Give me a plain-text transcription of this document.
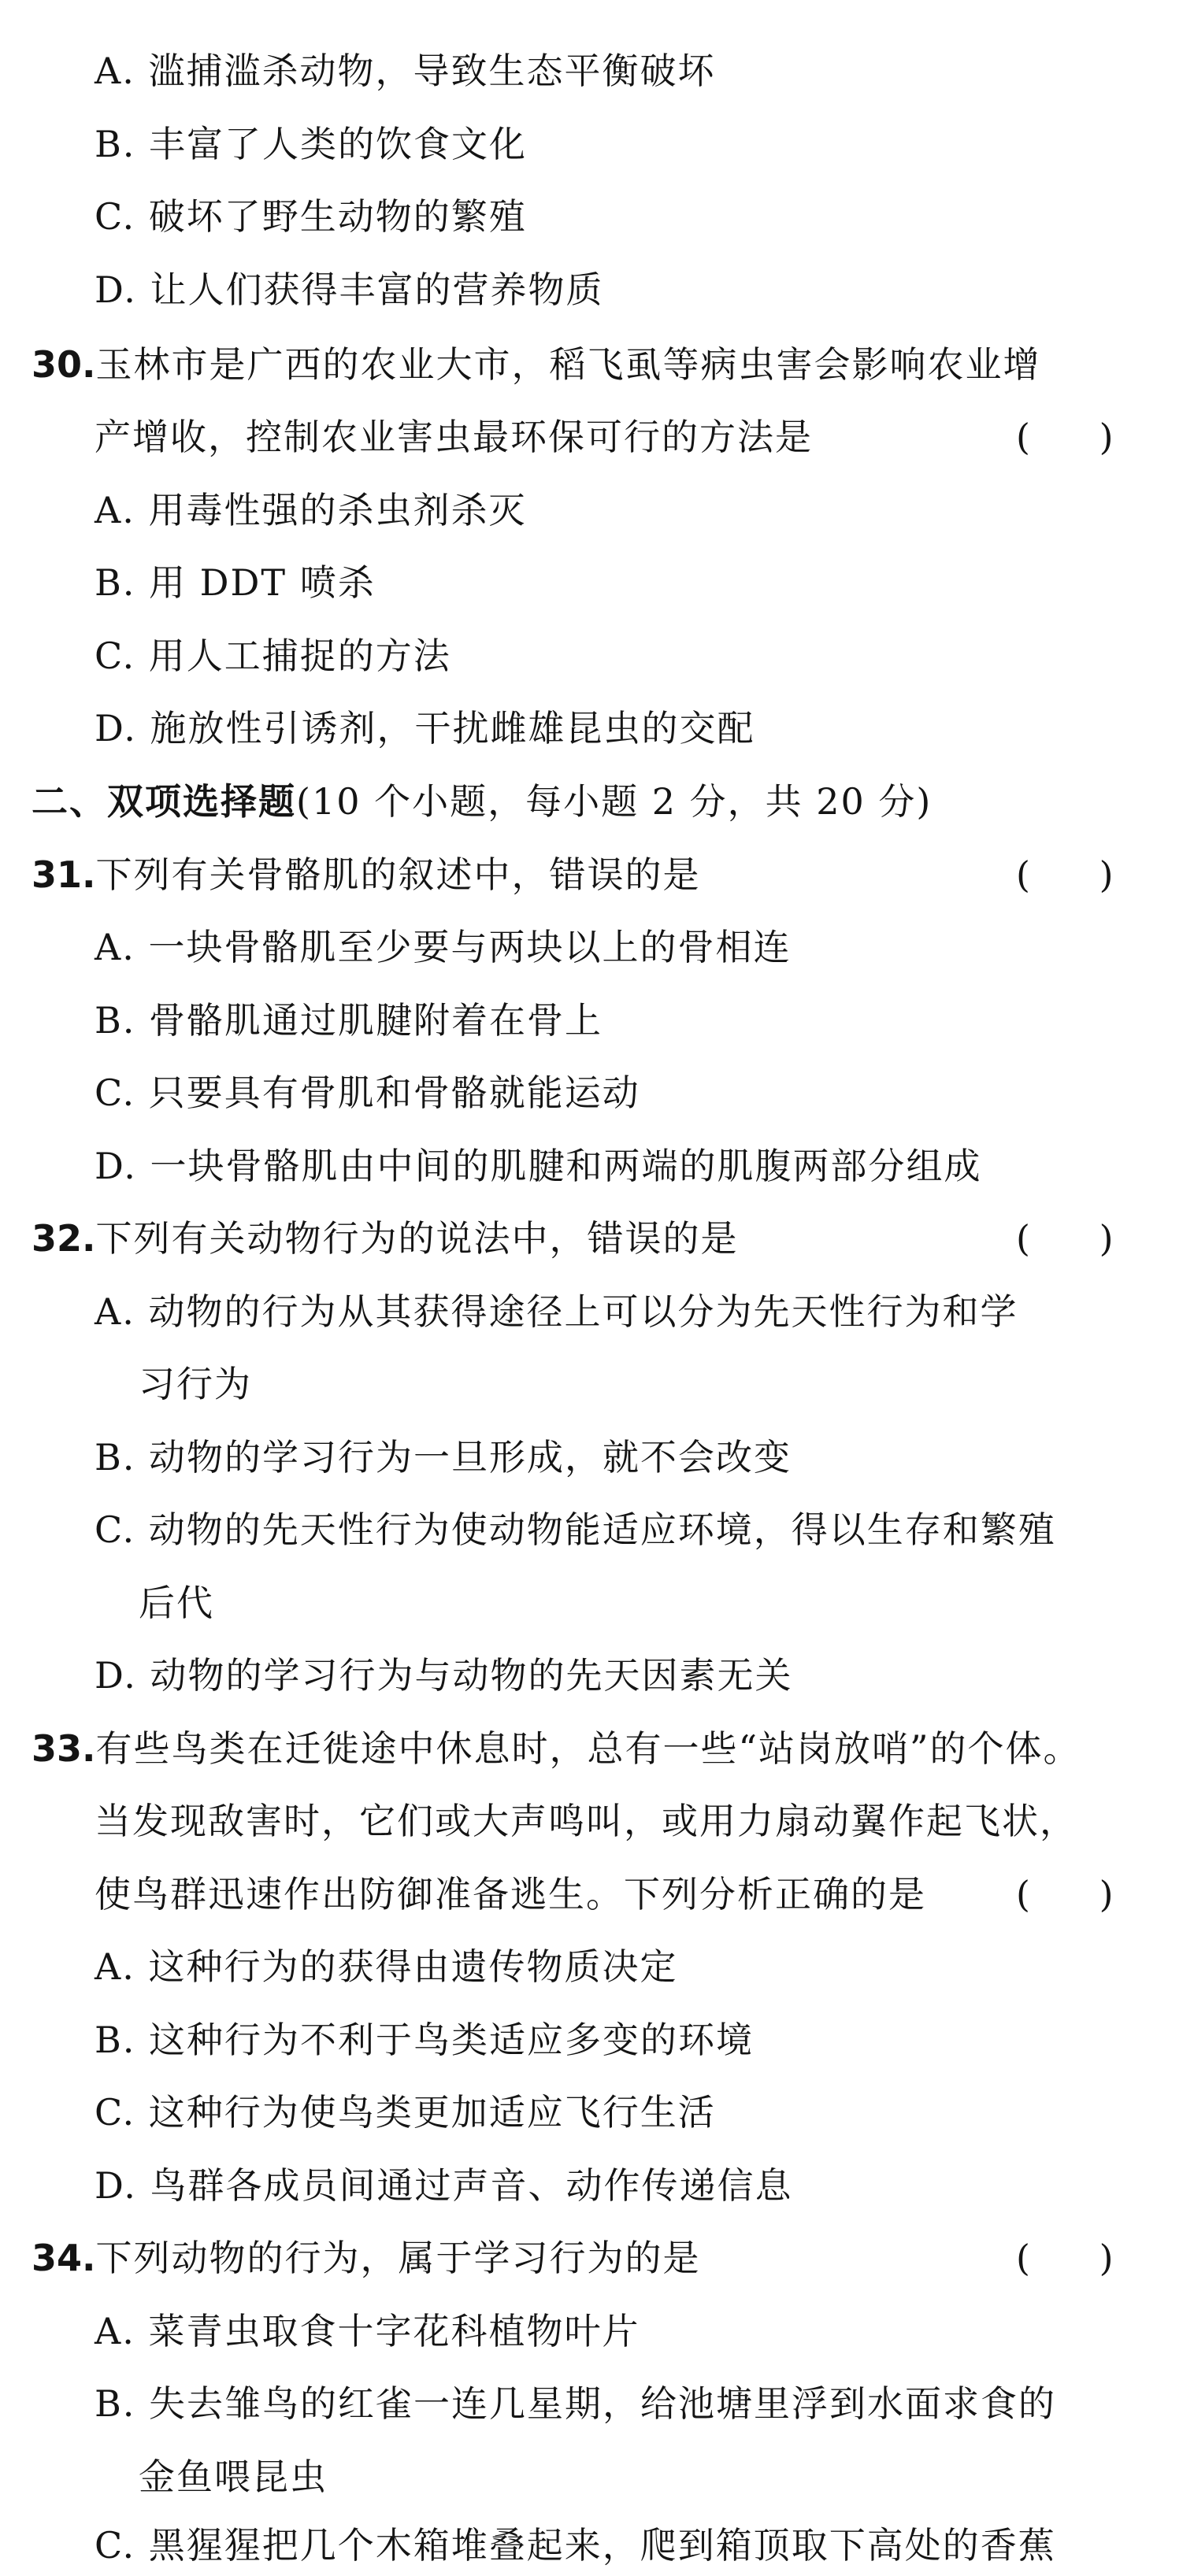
A. 滥捕滥杀动物，导致生态平衡破坏
B. 丰富了人类的饮食文化
C. 破坏了野生动物的繁殖
D. 让人们获得丰富的营养物质
30.玉林市是广西的农业大市，稻飞虱等病虫害会影响农业增
产增收，控制农业害虫最环保可行的方法是	(      )
A. 用毒性强的杀虫剂杀灭
B. 用 DDT 喷杀
C. 用人工捕捉的方法
D. 施放性引诱剂，干扰雌雄昆虫的交配
二、双项选择题(10 个小题，每小题 2 分，共 20 分)
31.下列有关骨骼肌的叙述中，错误的是	(      )
A. 一块骨骼肌至少要与两块以上的骨相连
B. 骨骼肌通过肌腱附着在骨上
C. 只要具有骨肌和骨骼就能运动
D. 一块骨骼肌由中间的肌腱和两端的肌腹两部分组成
32.下列有关动物行为的说法中，错误的是	(      )
A. 动物的行为从其获得途径上可以分为先天性行为和学
习行为
B. 动物的学习行为一旦形成，就不会改变
C. 动物的先天性行为使动物能适应环境，得以生存和繁殖
后代
D. 动物的学习行为与动物的先天因素无关
33.有些鸟类在迁徙途中休息时，总有一些“站岗放哨”的个体。
当发现敌害时，它们或大声鸣叫，或用力扇动翼作起飞状，
使鸟群迅速作出防御准备逃生。下列分析正确的是 (      )
A. 这种行为的获得由遗传物质决定
B. 这种行为不利于鸟类适应多变的环境
C. 这种行为使鸟类更加适应飞行生活
D. 鸟群各成员间通过声音、动作传递信息
34.下列动物的行为，属于学习行为的是	(      )
A. 菜青虫取食十字花科植物叶片
B. 失去雏鸟的红雀一连几星期，给池塘里浮到水面求食的
金鱼喂昆虫
C. 黑猩猩把几个木箱堆叠起来，爬到箱顶取下高处的香蕉
